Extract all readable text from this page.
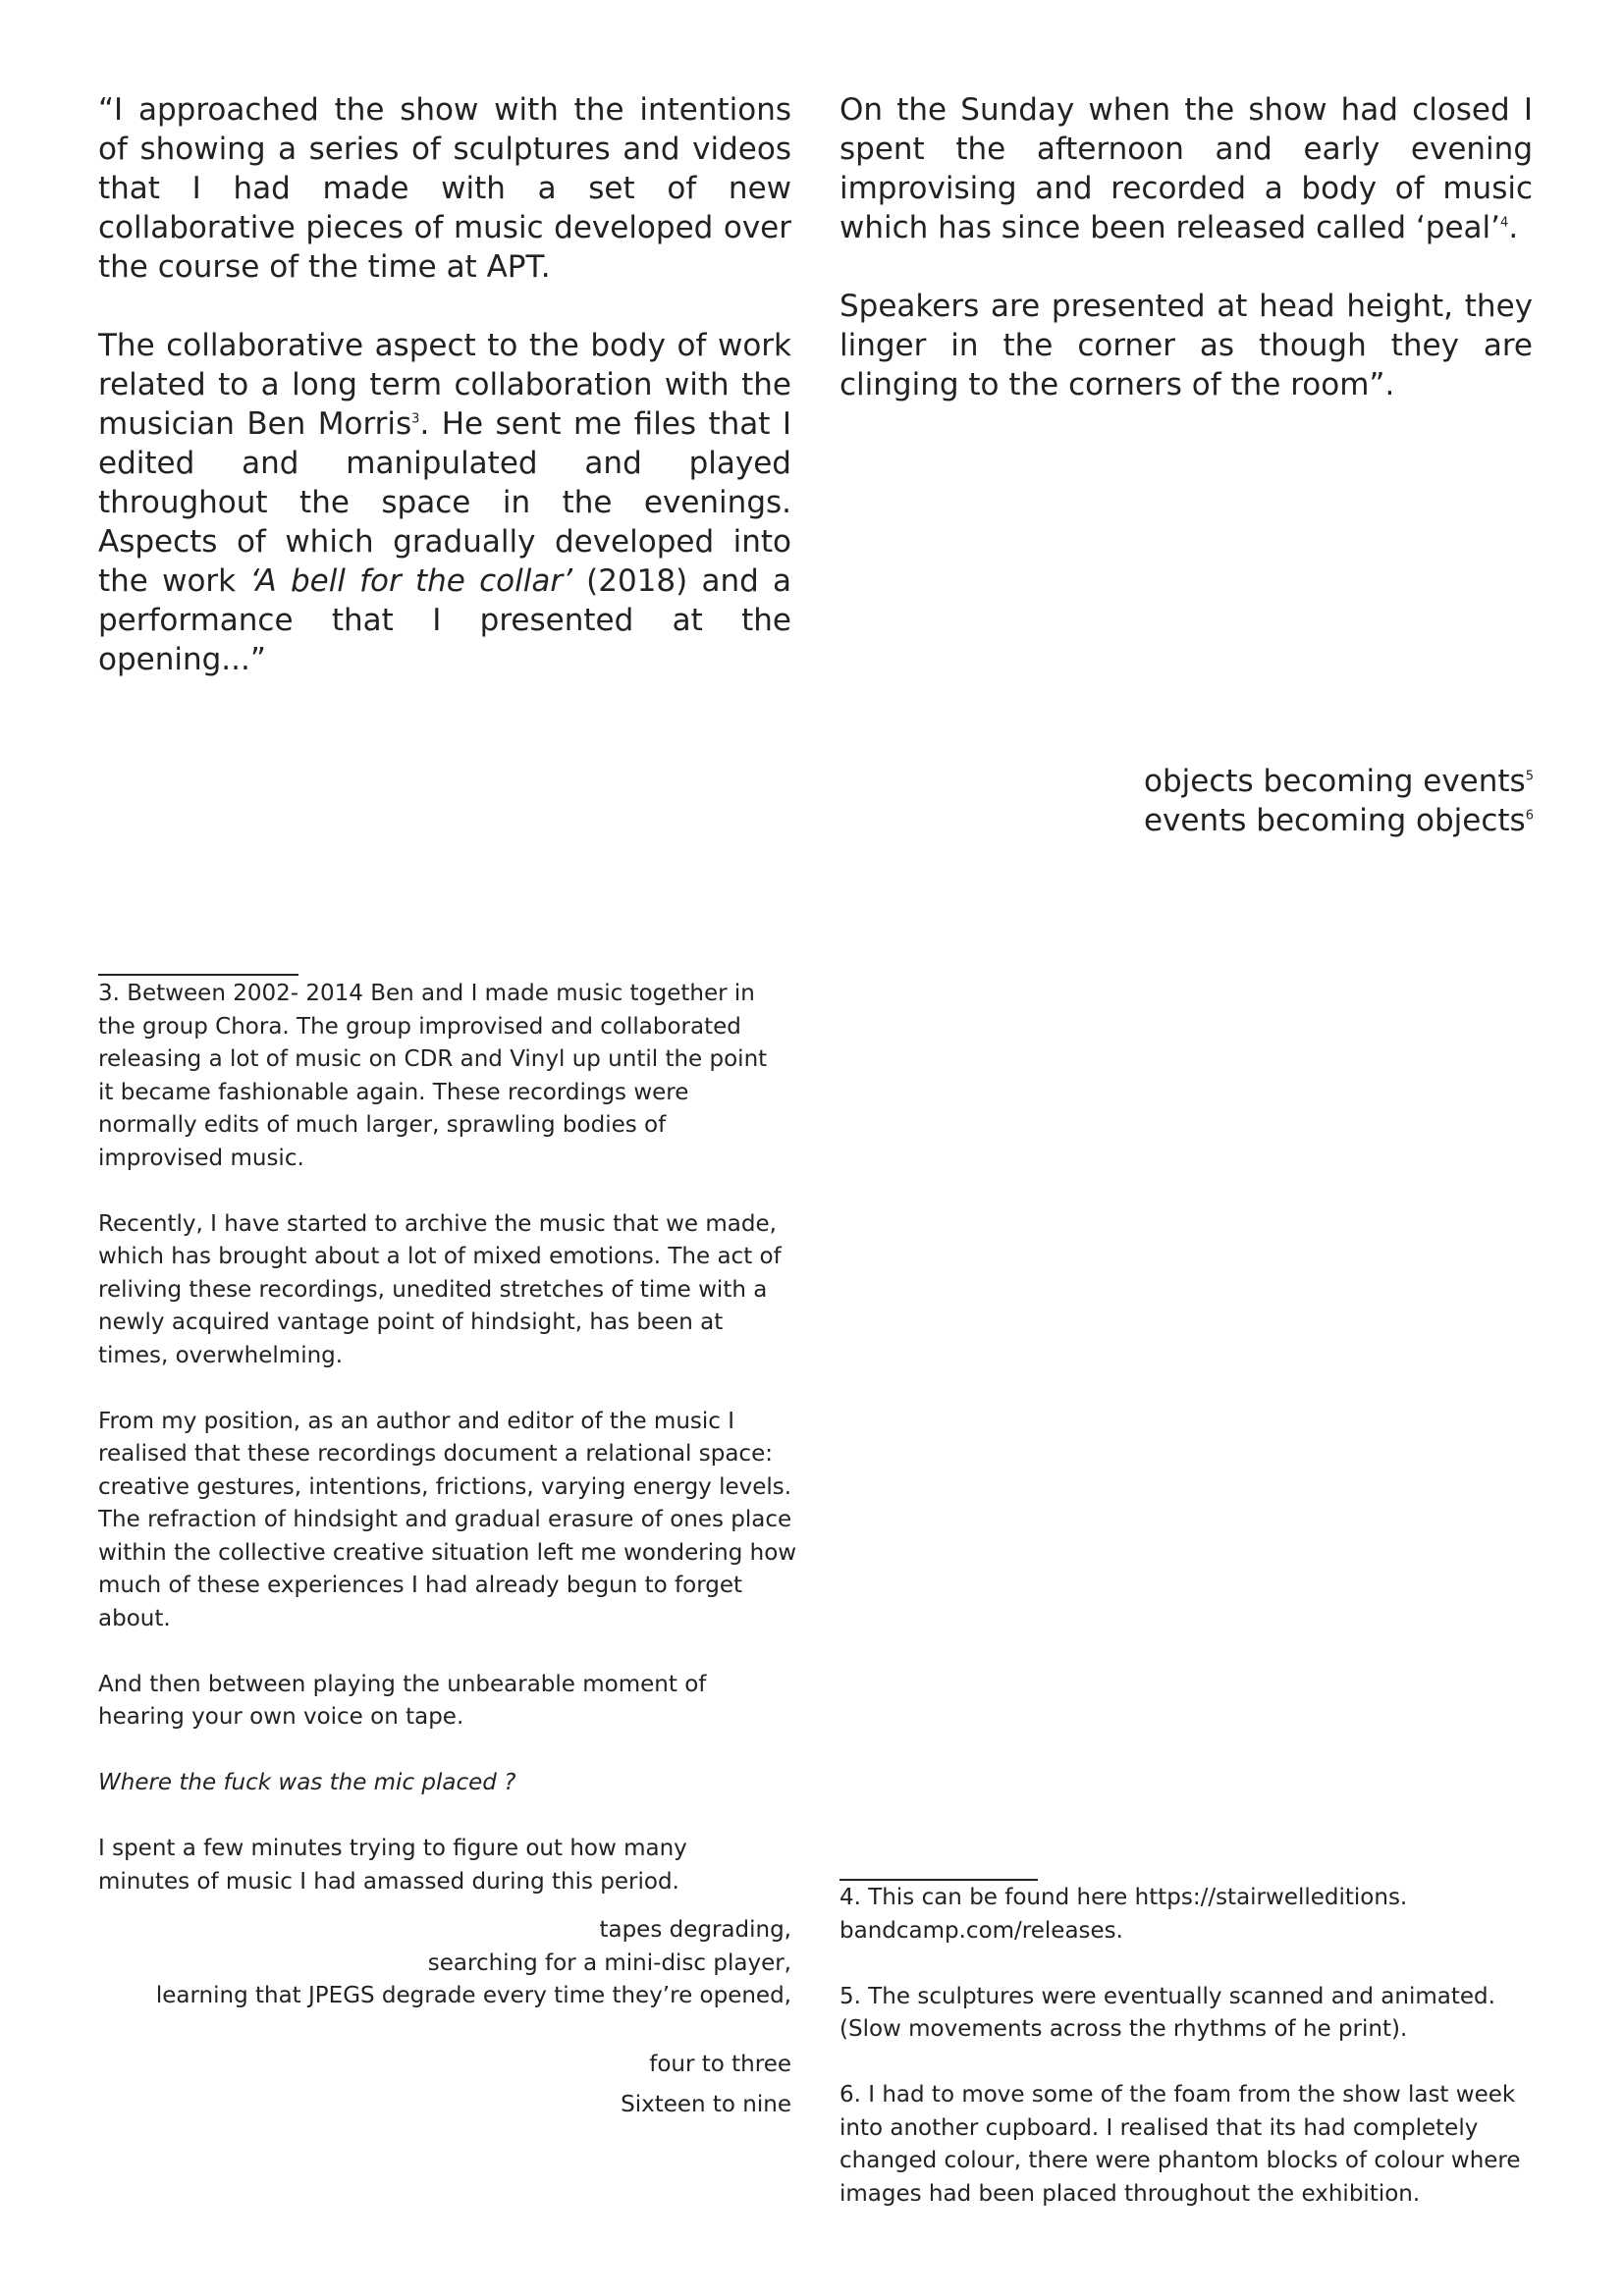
“I approached the show with the intentions of showing a series of sculptures and videos that I had made with a set of new collaborative pieces of music developed over the course of the time at APT.

The collaborative aspect to the body of work related to a long term collaboration with the musician Ben Morris$^3$. He sent me files that I edited and manipulated and played throughout the space in the evenings. Aspects of which gradually developed into the work ‘A bell for the collar’ (2018) and a performance that I presented at the opening...”

On the Sunday when the show had closed I spent the afternoon and early evening improvising and recorded a body of music which has since been released called ‘peal’$^4$.

Speakers are presented at head height, they linger in the corner as though they are clinging to the corners of the room”.

objects becoming events$^5$
events becoming objects$^6$

3. Between 2002- 2014 Ben and I made music together in the group Chora. The group improvised and collaborated releasing a lot of music on CDR and Vinyl up until the point it became fashionable again. These recordings were normally edits of much larger, sprawling bodies of improvised music.

Recently, I have started to archive the music that we made, which has brought about a lot of mixed emotions. The act of reliving these recordings, unedited stretches of time with a newly acquired vantage point of hindsight, has been at times, overwhelming.

From my position, as an author and editor of the music I realised that these recordings document a relational space: creative gestures, intentions, frictions, varying energy levels. The refraction of hindsight and gradual erasure of ones place within the collective creative situation left me wondering how much of these experiences I had already begun to forget about.

And then between playing the unbearable moment of hearing your own voice on tape.

Where the fuck was the mic placed ?

I spent a few minutes trying to figure out how many minutes of music I had amassed during this period.

tapes degrading,

searching for a mini-disc player,

learning that JPEGS degrade every time they’re opened,

four to three

Sixteen to nine

4. This can be found here https://stairwelleditions. bandcamp.com/releases.

5. The sculptures were eventually scanned and animated. (Slow movements across the rhythms of he print).

6. I had to move some of the foam from the show last week into another cupboard. I realised that its had completely changed colour, there were phantom blocks of colour where images had been placed throughout the exhibition.
